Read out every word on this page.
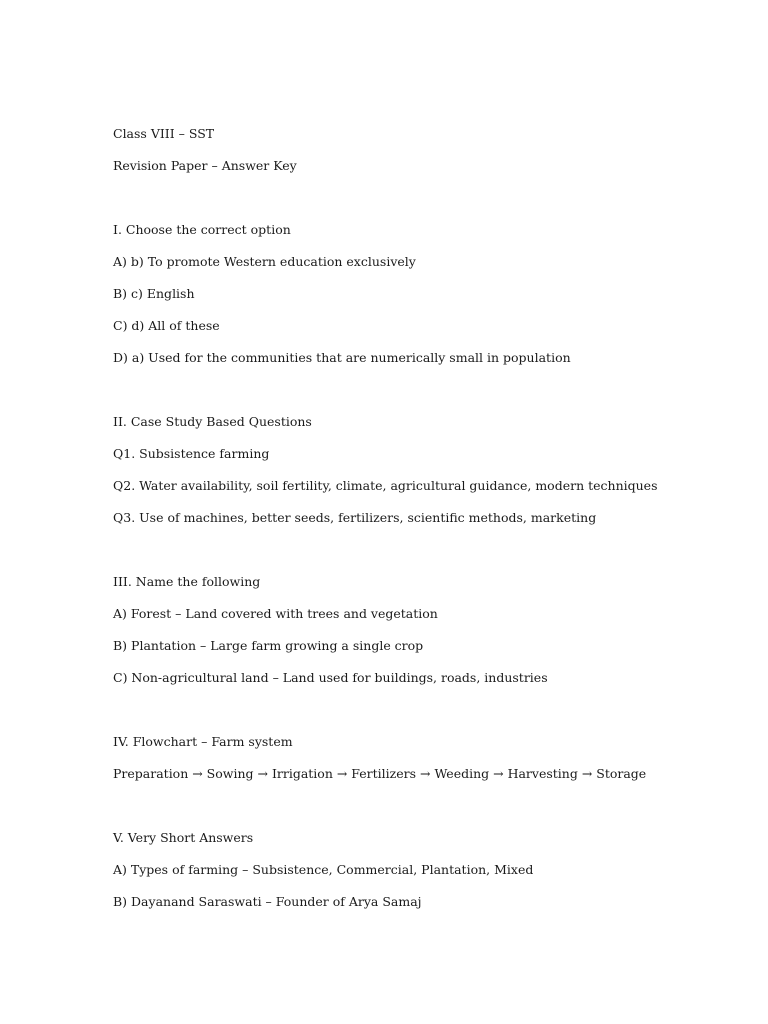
Class VIII – SST
Revision Paper – Answer Key
I. Choose the correct option
A) b) To promote Western education exclusively
B) c) English
C) d) All of these
D) a) Used for the communities that are numerically small in population
II. Case Study Based Questions
Q1. Subsistence farming
Q2. Water availability, soil fertility, climate, agricultural guidance, modern techniques
Q3. Use of machines, better seeds, fertilizers, scientific methods, marketing
III. Name the following
A) Forest – Land covered with trees and vegetation
B) Plantation – Large farm growing a single crop
C) Non-agricultural land – Land used for buildings, roads, industries
IV. Flowchart – Farm system
Preparation → Sowing → Irrigation → Fertilizers → Weeding → Harvesting → Storage
V. Very Short Answers
A) Types of farming – Subsistence, Commercial, Plantation, Mixed
B) Dayanand Saraswati – Founder of Arya Samaj
